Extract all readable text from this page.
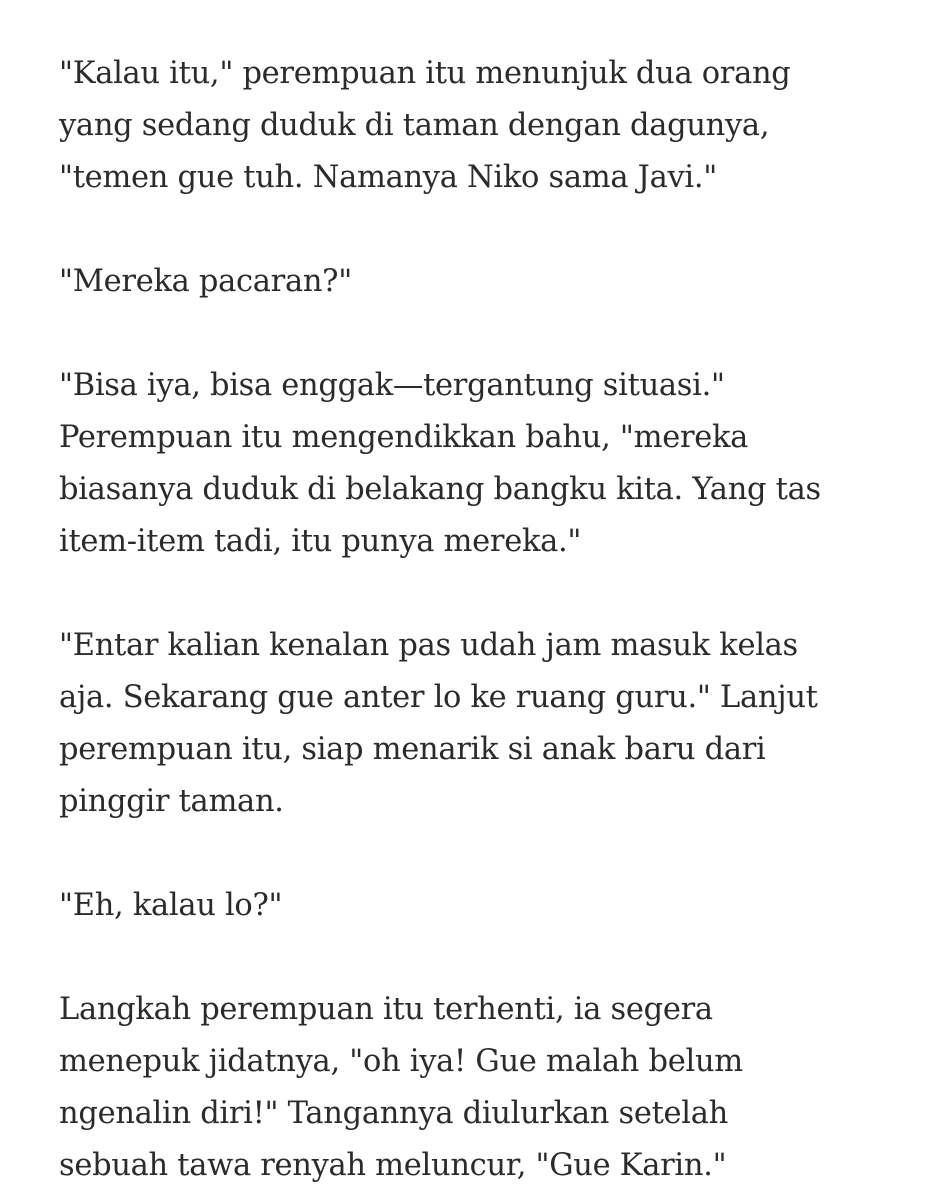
"Kalau itu," perempuan itu menunjuk dua orang
yang sedang duduk di taman dengan dagunya,
"temen gue tuh. Namanya Niko sama Javi."

"Mereka pacaran?"

"Bisa iya, bisa enggak—tergantung situasi."
Perempuan itu mengendikkan bahu, "mereka
biasanya duduk di belakang bangku kita. Yang tas
item-item tadi, itu punya mereka."

"Entar kalian kenalan pas udah jam masuk kelas
aja. Sekarang gue anter lo ke ruang guru." Lanjut
perempuan itu, siap menarik si anak baru dari
pinggir taman.

"Eh, kalau lo?"

Langkah perempuan itu terhenti, ia segera
menepuk jidatnya, "oh iya! Gue malah belum
ngenalin diri!" Tangannya diulurkan setelah
sebuah tawa renyah meluncur, "Gue Karin."
